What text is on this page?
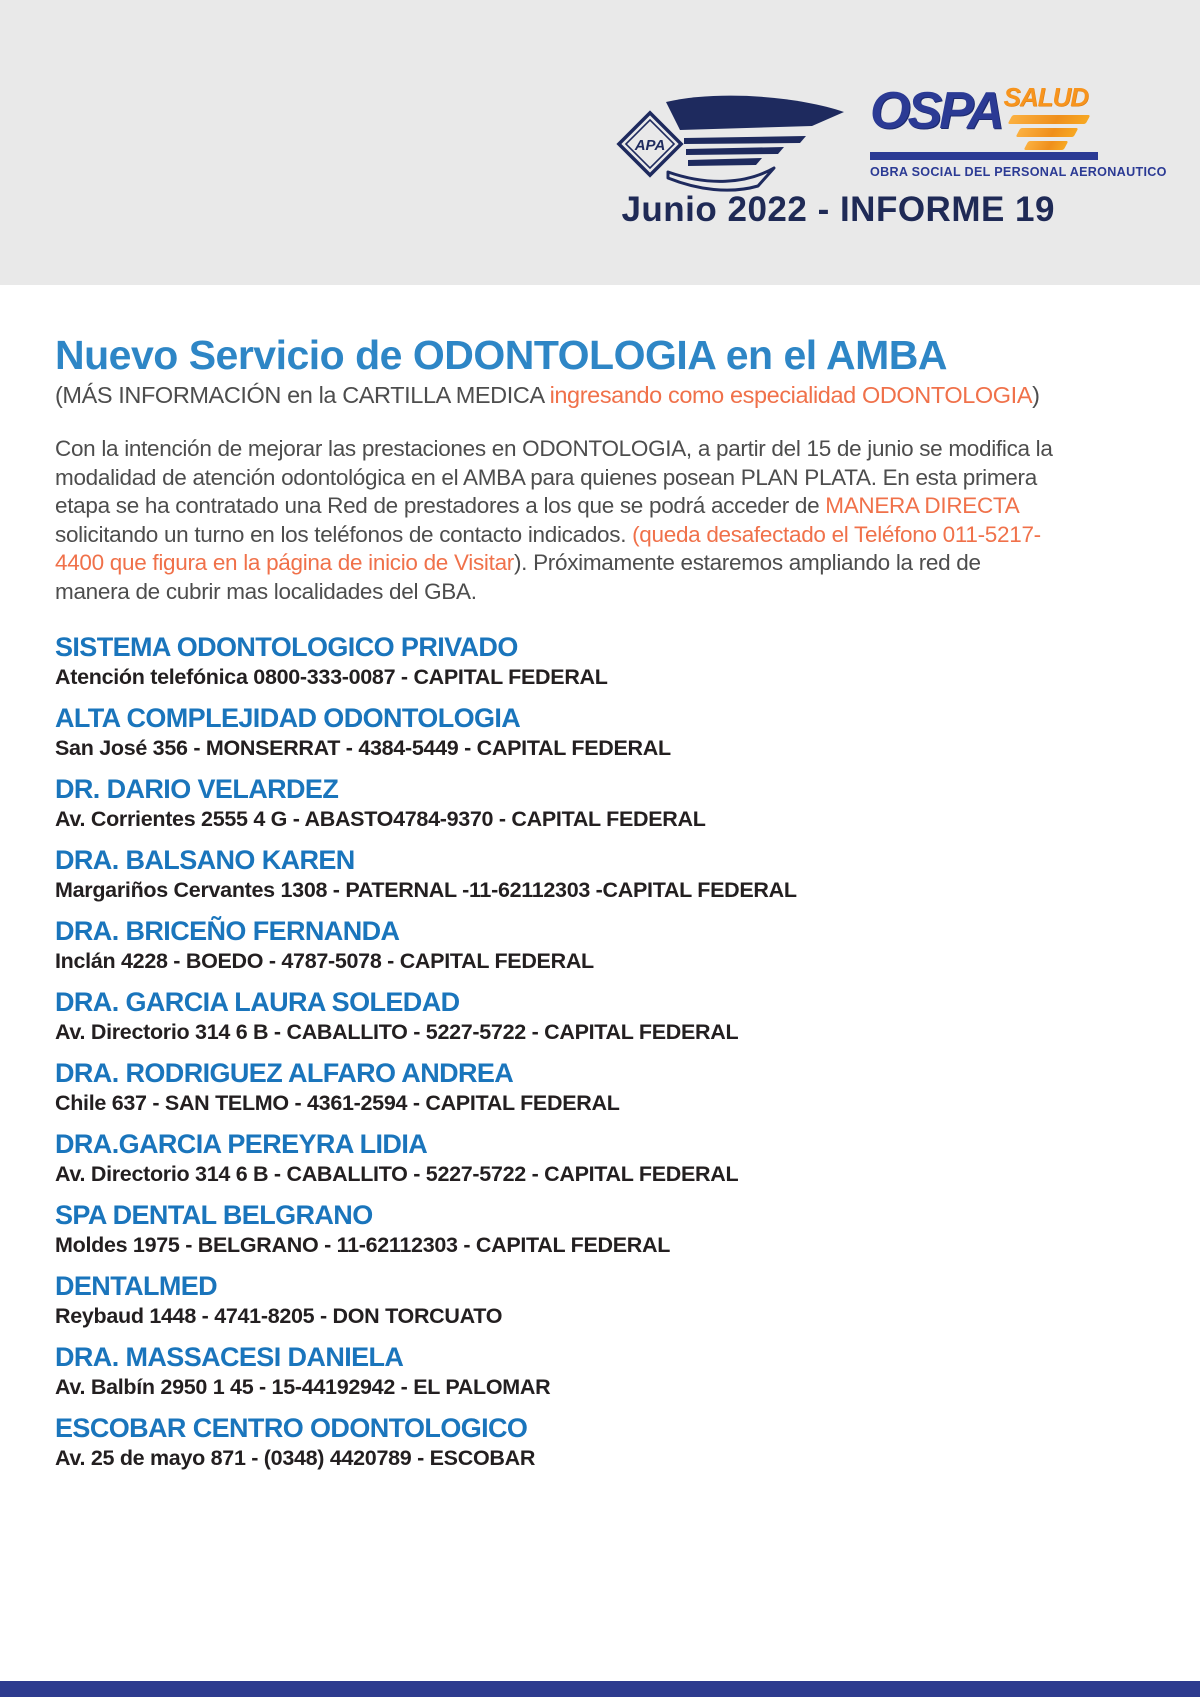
APA
OSPA SALUD
OBRA SOCIAL DEL PERSONAL AERONAUTICO
Junio 2022 - INFORME 19
Nuevo Servicio de ODONTOLOGIA en el AMBA

(MÁS INFORMACIÓN en la CARTILLA MEDICA ingresando como especialidad ODONTOLOGIA)

Con la intención de mejorar las prestaciones en ODONTOLOGIA, a partir del 15 de junio se modifica la modalidad de atención odontológica en el AMBA para quienes posean PLAN PLATA. En esta primera etapa se ha contratado una Red de prestadores a los que se podrá acceder de MANERA DIRECTA solicitando un turno en los teléfonos de contacto indicados. (queda desafectado el Teléfono 011-5217-4400 que figura en la página de inicio de Visitar). Próximamente estaremos ampliando la red de manera de cubrir mas localidades del GBA.

SISTEMA ODONTOLOGICO PRIVADO
Atención telefónica 0800-333-0087 - CAPITAL FEDERAL
ALTA COMPLEJIDAD ODONTOLOGIA
San José 356 - MONSERRAT - 4384-5449 - CAPITAL FEDERAL
DR. DARIO VELARDEZ
Av. Corrientes 2555 4 G - ABASTO4784-9370 - CAPITAL FEDERAL
DRA. BALSANO KAREN
Margariños Cervantes 1308 - PATERNAL -11-62112303 -CAPITAL FEDERAL
DRA. BRICEÑO FERNANDA
Inclán 4228 - BOEDO - 4787-5078 - CAPITAL FEDERAL
DRA. GARCIA LAURA SOLEDAD
Av. Directorio 314 6 B - CABALLITO - 5227-5722 - CAPITAL FEDERAL
DRA. RODRIGUEZ ALFARO ANDREA
Chile 637 - SAN TELMO - 4361-2594 - CAPITAL FEDERAL
DRA.GARCIA PEREYRA LIDIA
Av. Directorio 314 6 B - CABALLITO - 5227-5722 - CAPITAL FEDERAL
SPA DENTAL BELGRANO
Moldes 1975 - BELGRANO - 11-62112303 - CAPITAL FEDERAL
DENTALMED
Reybaud 1448 - 4741-8205 - DON TORCUATO
DRA. MASSACESI DANIELA
Av. Balbín 2950 1 45 - 15-44192942 - EL PALOMAR
ESCOBAR CENTRO ODONTOLOGICO
Av. 25 de mayo 871 - (0348) 4420789 - ESCOBAR
